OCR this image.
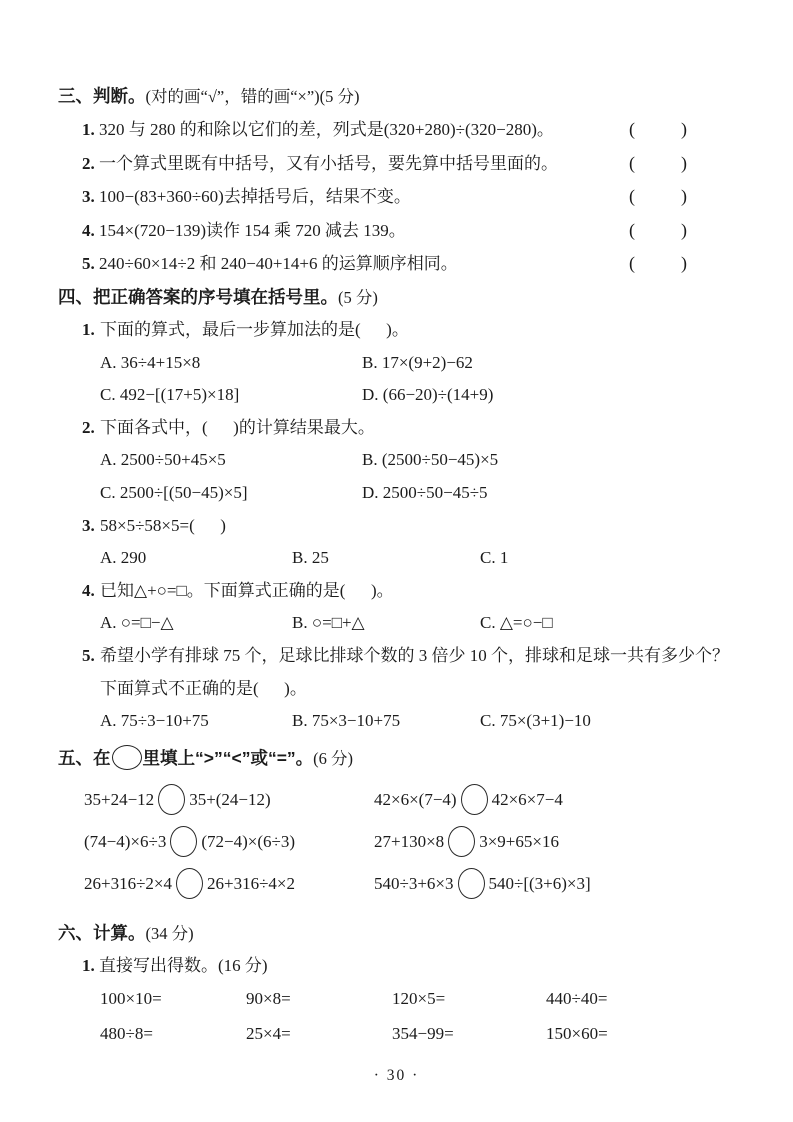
三、判断。(对的画“√”，错的画“×”)(5 分)
1. 320 与 280 的和除以它们的差，列式是(320+280)÷(320−280)。	(	)
2. 一个算式里既有中括号，又有小括号，要先算中括号里面的。	(	)
3. 100−(83+360÷60)去掉括号后，结果不变。	(	)
4. 154×(720−139)读作 154 乘 720 减去 139。	(	)
5. 240÷60×14÷2 和 240−40+14+6 的运算顺序相同。	(	)
四、把正确答案的序号填在括号里。(5 分)
1. 下面的算式，最后一步算加法的是(      )。
A. 36÷4+15×8	B. 17×(9+2)−62
C. 492−[(17+5)×18]	D. (66−20)÷(14+9)
2. 下面各式中，(      )的计算结果最大。
A. 2500÷50+45×5	B. (2500÷50−45)×5
C. 2500÷[(50−45)×5]	D. 2500÷50−45÷5
3. 58×5÷58×5=(      )
A. 290	B. 25	C. 1
4. 已知△+○=□。下面算式正确的是(      )。
A. ○=□−△	B. ○=□+△	C. △=○−□
5. 希望小学有排球 75 个，足球比排球个数的 3 倍少 10 个，排球和足球一共有多少个？ 下面算式不正确的是(      )。
A. 75÷3−10+75	B. 75×3−10+75	C. 75×(3+1)−10
五、在 里填上“>”“<”或“=”。(6 分)
35+24−12 35+(24−12)	42×6×(7−4) 42×6×7−4
(74−4)×6÷3 (72−4)×(6÷3)	27+130×8 3×9+65×16
26+316÷2×4 26+316÷4×2	540÷3+6×3 540÷[(3+6)×3]
六、计算。(34 分)
1. 直接写出得数。(16 分)
100×10=	90×8=	120×5=	440÷40=
480÷8=	25×4=	354−99=	150×60=
· 30 ·
